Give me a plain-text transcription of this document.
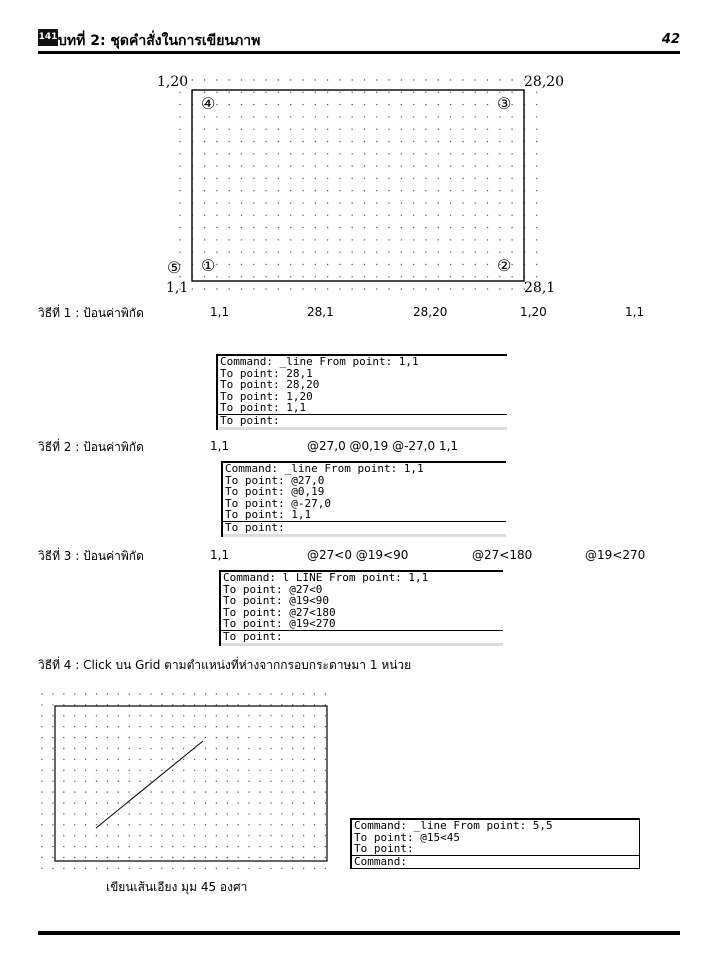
141 บทที่ 2: ชุดคำสั่งในการเขียนภาพ	42
1,20	28,20
1,1	28,1
①	②
③
④
⑤
วิธีที่ 1 : ป้อนค่าพิกัด	1,1	28,1	28,20	1,20	1,1
Command: _line From point: 1,1
To point: 28,1
To point: 28,20
To point: 1,20
To point: 1,1
To point:
วิธีที่ 2 : ป้อนค่าพิกัด	1,1	@27,0 @0,19 @-27,0 1,1
Command: _line From point: 1,1
To point: @27,0
To point: @0,19
To point: @-27,0
To point: 1,1
To point:
วิธีที่ 3 : ป้อนค่าพิกัด	1,1	@27<0 @19<90	@27<180	@19<270
Command: l LINE From point: 1,1
To point: @27<0
To point: @19<90
To point: @27<180
To point: @19<270
To point:
วิธีที่ 4 : Click บน Grid ตามตำแหน่งที่ห่างจากกรอบกระดาษมา 1 หน่วย
เขียนเส้นเอียง มุม 45 องศา
Command: _line From point: 5,5
To point: @15<45
To point:
Command:
